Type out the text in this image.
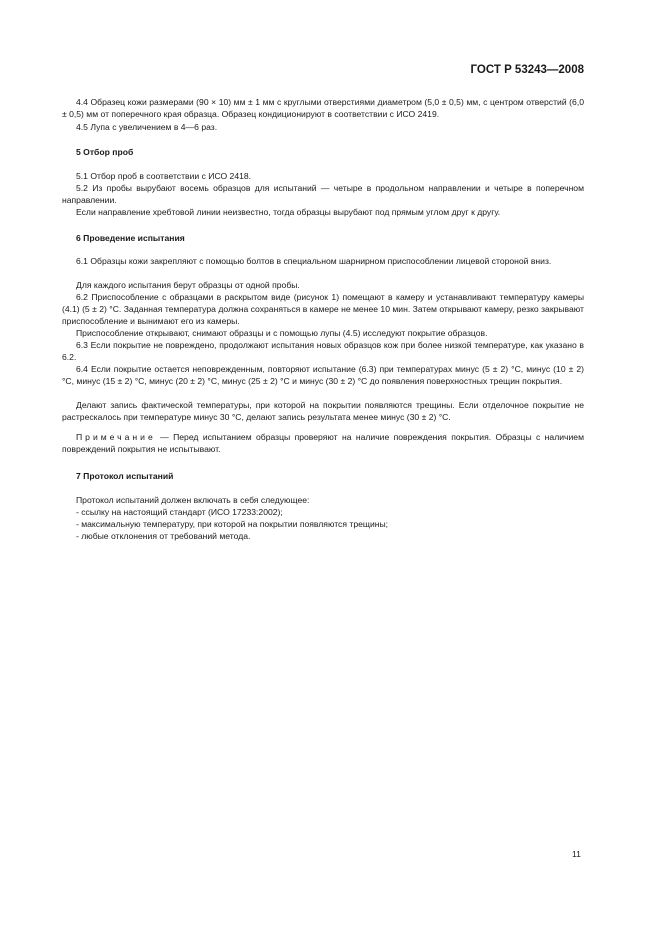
ГОСТ Р 53243—2008
4.4 Образец кожи размерами (90 × 10) мм ± 1 мм с круглыми отверстиями диаметром (5,0 ± 0,5) мм, с центром отверстий (6,0 ± 0,5) мм от поперечного края образца. Образец кондиционируют в соответствии с ИСО 2419.
4.5 Лупа с увеличением в 4—6 раз.
5 Отбор проб
5.1 Отбор проб в соответствии с ИСО 2418.
5.2 Из пробы вырубают восемь образцов для испытаний — четыре в продольном направлении и четыре в поперечном направлении.
Если направление хребтовой линии неизвестно, тогда образцы вырубают под прямым углом друг к другу.
6 Проведение испытания
6.1 Образцы кожи закрепляют с помощью болтов в специальном шарнирном приспособлении лицевой стороной вниз.
Для каждого испытания берут образцы от одной пробы.
6.2 Приспособление с образцами в раскрытом виде (рисунок 1) помещают в камеру и устанавливают температуру камеры (4.1) (5 ± 2) °С. Заданная температура должна сохраняться в камере не менее 10 мин. Затем открывают камеру, резко закрывают приспособление и вынимают его из камеры.
Приспособление открывают, снимают образцы и с помощью лупы (4.5) исследуют покрытие образцов.
6.3 Если покрытие не повреждено, продолжают испытания новых образцов кож при более низкой температуре, как указано в 6.2.
6.4 Если покрытие остается неповрежденным, повторяют испытание (6.3) при температурах минус (5 ± 2) °С, минус (10 ± 2) °С, минус (15 ± 2) °С, минус (20 ± 2) °С, минус (25 ± 2) °С и минус (30 ± 2) °С до появления поверхностных трещин покрытия.
Делают запись фактической температуры, при которой на покрытии появляются трещины. Если отделочное покрытие не растрескалось при температуре минус 30 °С, делают запись результата менее минус (30 ± 2) °С.
Примечание — Перед испытанием образцы проверяют на наличие повреждения покрытия. Образцы с наличием повреждений покрытия не испытывают.
7 Протокол испытаний
Протокол испытаний должен включать в себя следующее:
- ссылку на настоящий стандарт (ИСО 17233:2002);
- максимальную температуру, при которой на покрытии появляются трещины;
- любые отклонения от требований метода.
11
